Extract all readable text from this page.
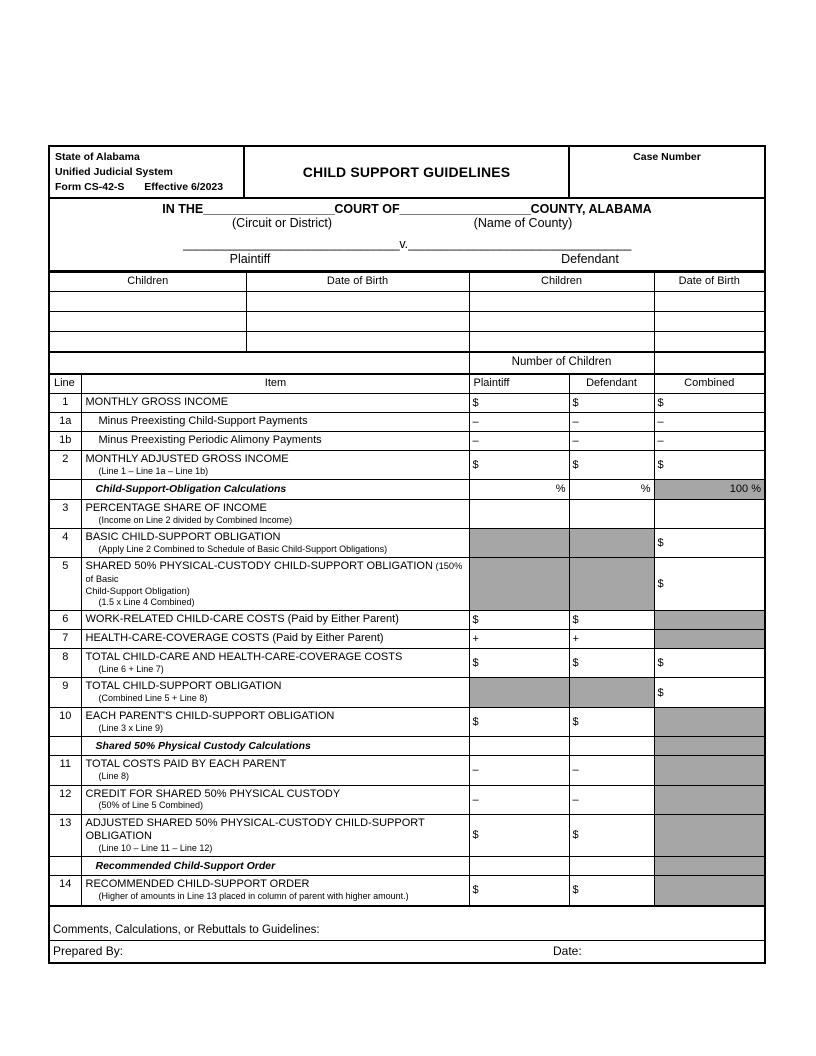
State of Alabama
Unified Judicial System
Form CS-42-S Effective 6/2023
	CHILD SUPPORT GUIDELINES	Case Number
IN THE____________________COURT OF____________________COUNTY, ALABAMA
(Circuit or District)	(Name of County)

_________________________________v.__________________________________
Plaintiff	Defendant
Children	Date of Birth	Children	Date of Birth

		Number of Children	
Line	Item	Plaintiff	Defendant	Combined
1	MONTHLY GROSS INCOME	$	$	$
1a	Minus Preexisting Child-Support Payments	–	–	–
1b	Minus Preexisting Periodic Alimony Payments	–	–	–
2	MONTHLY ADJUSTED GROSS INCOME
(Line 1 – Line 1a – Line 1b)	$	$	$
	Child-Support-Obligation Calculations	%	%	100 %
3	PERCENTAGE SHARE OF INCOME
(Income on Line 2 divided by Combined Income)			

4	BASIC CHILD-SUPPORT OBLIGATION
(Apply Line 2 Combined to Schedule of Basic Child-Support Obligations)			$
5	SHARED 50% PHYSICAL-CUSTODY CHILD-SUPPORT OBLIGATION (150% of Basic
Child-Support Obligation)
(1.5 x Line 4 Combined)			$
6	WORK-RELATED CHILD-CARE COSTS (Paid by Either Parent)	$	$	
7	HEALTH-CARE-COVERAGE COSTS (Paid by Either Parent)	+	+	
8	TOTAL CHILD-CARE AND HEALTH-CARE-COVERAGE COSTS
(Line 6 + Line 7)	$	$	$
9	TOTAL CHILD-SUPPORT OBLIGATION
(Combined Line 5 + Line 8)			$
10	EACH PARENT'S CHILD-SUPPORT OBLIGATION
(Line 3 x Line 9)	$	$	
	Shared 50% Physical Custody Calculations			
11	TOTAL COSTS PAID BY EACH PARENT
(Line 8)	–	–	
12	CREDIT FOR SHARED 50% PHYSICAL CUSTODY
(50% of Line 5 Combined)	–	–	
13	ADJUSTED SHARED 50% PHYSICAL-CUSTODY CHILD-SUPPORT OBLIGATION
(Line 10 – Line 11 – Line 12)	$	$	
	Recommended Child-Support Order			
14	RECOMMENDED CHILD-SUPPORT ORDER
(Higher of amounts in Line 13 placed in column of parent with higher amount.)	$	$	
Comments, Calculations, or Rebuttals to Guidelines:

Prepared By:	Date:
